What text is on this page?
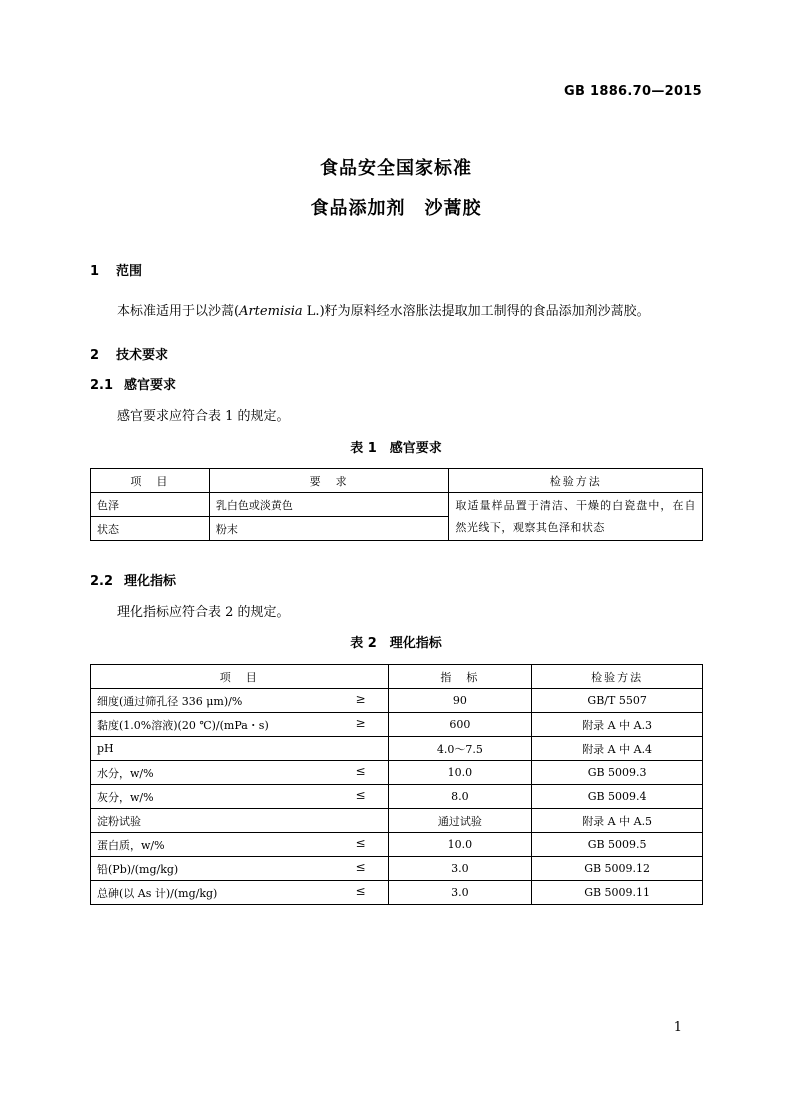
GB 1886.70—2015
食品安全国家标准
食品添加剂　沙蒿胶
1 范围
本标准适用于以沙蒿(Artemisia L.)籽为原料经水溶胀法提取加工制得的食品添加剂沙蒿胶。
2 技术要求
2.1 感官要求
感官要求应符合表 1 的规定。
表 1　感官要求
项　目	要　求	检验方法
色泽	乳白色或淡黄色	取适量样品置于清洁、干燥的白瓷盘中，在自然光线下，观察其色泽和状态
状态	粉末	
2.2 理化指标
理化指标应符合表 2 的规定。
表 2　理化指标
项　目	指　标	检验方法
细度(通过筛孔径 336 μm)/% ≥	90	GB/T 5507
黏度(1.0%溶液)(20 ℃)/(mPa・s) ≥	600	附录 A 中 A.3
pH	4.0～7.5	附录 A 中 A.4
水分，w/% ≤	10.0	GB 5009.3
灰分，w/% ≤	8.0	GB 5009.4
淀粉试验	通过试验	附录 A 中 A.5
蛋白质，w/% ≤	10.0	GB 5009.5
铅(Pb)/(mg/kg) ≤	3.0	GB 5009.12
总砷(以 As 计)/(mg/kg) ≤	3.0	GB 5009.11
1
